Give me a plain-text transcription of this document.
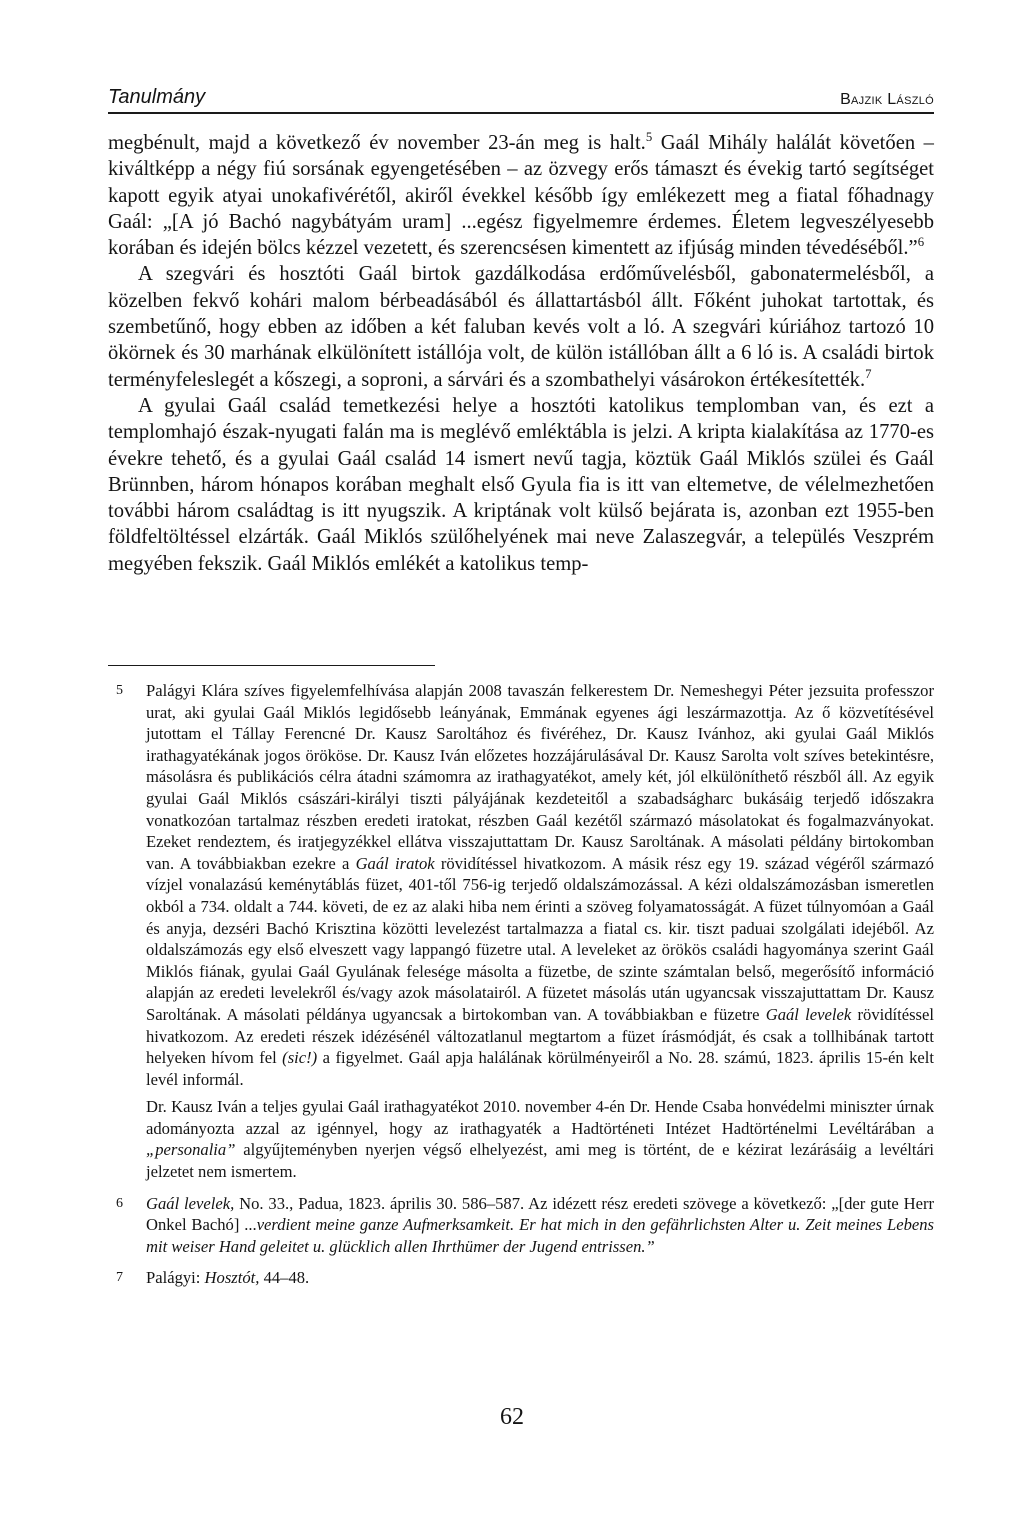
Tanulmány	Bajzik László

megbénult, majd a következő év november 23-án meg is halt.$^5$ Gaál Mihály halálát követően – kiváltképp a négy fiú sorsának egyengetésében – az özvegy erős támaszt és évekig tartó segítséget kapott egyik atyai unokafivérétől, akiről évekkel később így emlékezett meg a fiatal főhadnagy Gaál: „[A jó Bachó nagybátyám uram] ...egész figyelmemre érdemes. Életem legveszélyesebb korában és idején bölcs kézzel vezetett, és szerencsésen kimentett az ifjúság minden tévedéséből.”$^6$

A szegvári és hosztóti Gaál birtok gazdálkodása erdőművelésből, gabonatermelésből, a közelben fekvő kohári malom bérbeadásából és állattartásból állt. Főként juhokat tartottak, és szembetűnő, hogy ebben az időben a két faluban kevés volt a ló. A szegvári kúriához tartozó 10 ökörnek és 30 marhának elkülönített istállója volt, de külön istállóban állt a 6 ló is. A családi birtok terményfeleslegét a kőszegi, a soproni, a sárvári és a szombathelyi vásárokon értékesítették.$^7$

A gyulai Gaál család temetkezési helye a hosztóti katolikus templomban van, és ezt a templomhajó észak-nyugati falán ma is meglévő emléktábla is jelzi. A kripta kialakítása az 1770-es évekre tehető, és a gyulai Gaál család 14 ismert nevű tagja, köztük Gaál Miklós szülei és Gaál Brünnben, három hónapos korában meghalt első Gyula fia is itt van eltemetve, de vélelmezhetően további három családtag is itt nyugszik. A kriptának volt külső bejárata is, azonban ezt 1955-ben földfeltöltéssel elzárták. Gaál Miklós szülőhelyének mai neve Zalaszegvár, a település Veszprém megyében fekszik. Gaál Miklós emlékét a katolikus temp-

5	Palágyi Klára szíves figyelemfelhívása alapján 2008 tavaszán felkerestem Dr. Nemeshegyi Péter jezsuita professzor urat, aki gyulai Gaál Miklós legidősebb leányának, Emmának egyenes ági leszármazottja. Az ő közvetítésével jutottam el Tállay Ferencné Dr. Kausz Saroltához és fivéréhez, Dr. Kausz Ivánhoz, aki gyulai Gaál Miklós irathagyatékának jogos örököse. Dr. Kausz Iván előzetes hozzájárulásával Dr. Kausz Sarolta volt szíves betekintésre, másolásra és publikációs célra átadni számomra az irathagyatékot, amely két, jól elkülöníthető részből áll. Az egyik gyulai Gaál Miklós császári-királyi tiszti pályájának kezdeteitől a szabadságharc bukásáig terjedő időszakra vonatkozóan tartalmaz részben eredeti iratokat, részben Gaál kezétől származó másolatokat és fogalmazványokat. Ezeket rendeztem, és iratjegyzékkel ellátva visszajuttattam Dr. Kausz Saroltának. A másolati példány birtokomban van. A továbbiakban ezekre a Gaál iratok rövidítéssel hivatkozom. A másik rész egy 19. század végéről származó vízjel vonalazású keménytáblás füzet, 401-től 756-ig terjedő oldalszámozással. A kézi oldalszámozásban ismeretlen okból a 734. oldalt a 744. követi, de ez az alaki hiba nem érinti a szöveg folyamatosságát. A füzet túlnyomóan a Gaál és anyja, dezséri Bachó Krisztina közötti levelezést tartalmazza a fiatal cs. kir. tiszt paduai szolgálati idejéből. Az oldalszámozás egy első elveszett vagy lappangó füzetre utal. A leveleket az örökös családi hagyománya szerint Gaál Miklós fiának, gyulai Gaál Gyulának felesége másolta a füzetbe, de szinte számtalan belső, megerősítő információ alapján az eredeti levelekről és/vagy azok másolatairól. A füzetet másolás után ugyancsak visszajuttattam Dr. Kausz Saroltának. A másolati példánya ugyancsak a birtokomban van. A továbbiakban e füzetre Gaál levelek rövidítéssel hivatkozom. Az eredeti részek idézésénél változatlanul megtartom a füzet írásmódját, és csak a tollhibának tartott helyeken hívom fel (sic!) a figyelmet. Gaál apja halálának körülményeiről a No. 28. számú, 1823. április 15-én kelt levél informál.

Dr. Kausz Iván a teljes gyulai Gaál irathagyatékot 2010. november 4-én Dr. Hende Csaba honvédelmi miniszter úrnak adományozta azzal az igénnyel, hogy az irathagyaték a Hadtörténeti Intézet Hadtörténelmi Levéltárában a „personalia” algyűjteményben nyerjen végső elhelyezést, ami meg is történt, de e kézirat lezárásáig a levéltári jelzetet nem ismertem.

6	Gaál levelek, No. 33., Padua, 1823. április 30. 586–587. Az idézett rész eredeti szövege a következő: „[der gute Herr Onkel Bachó] ...verdient meine ganze Aufmerksamkeit. Er hat mich in den gefährlichsten Alter u. Zeit meines Lebens mit weiser Hand geleitet u. glücklich allen Ihrthümer der Jugend entrissen.”

7	Palágyi: Hosztót, 44–48.

62
